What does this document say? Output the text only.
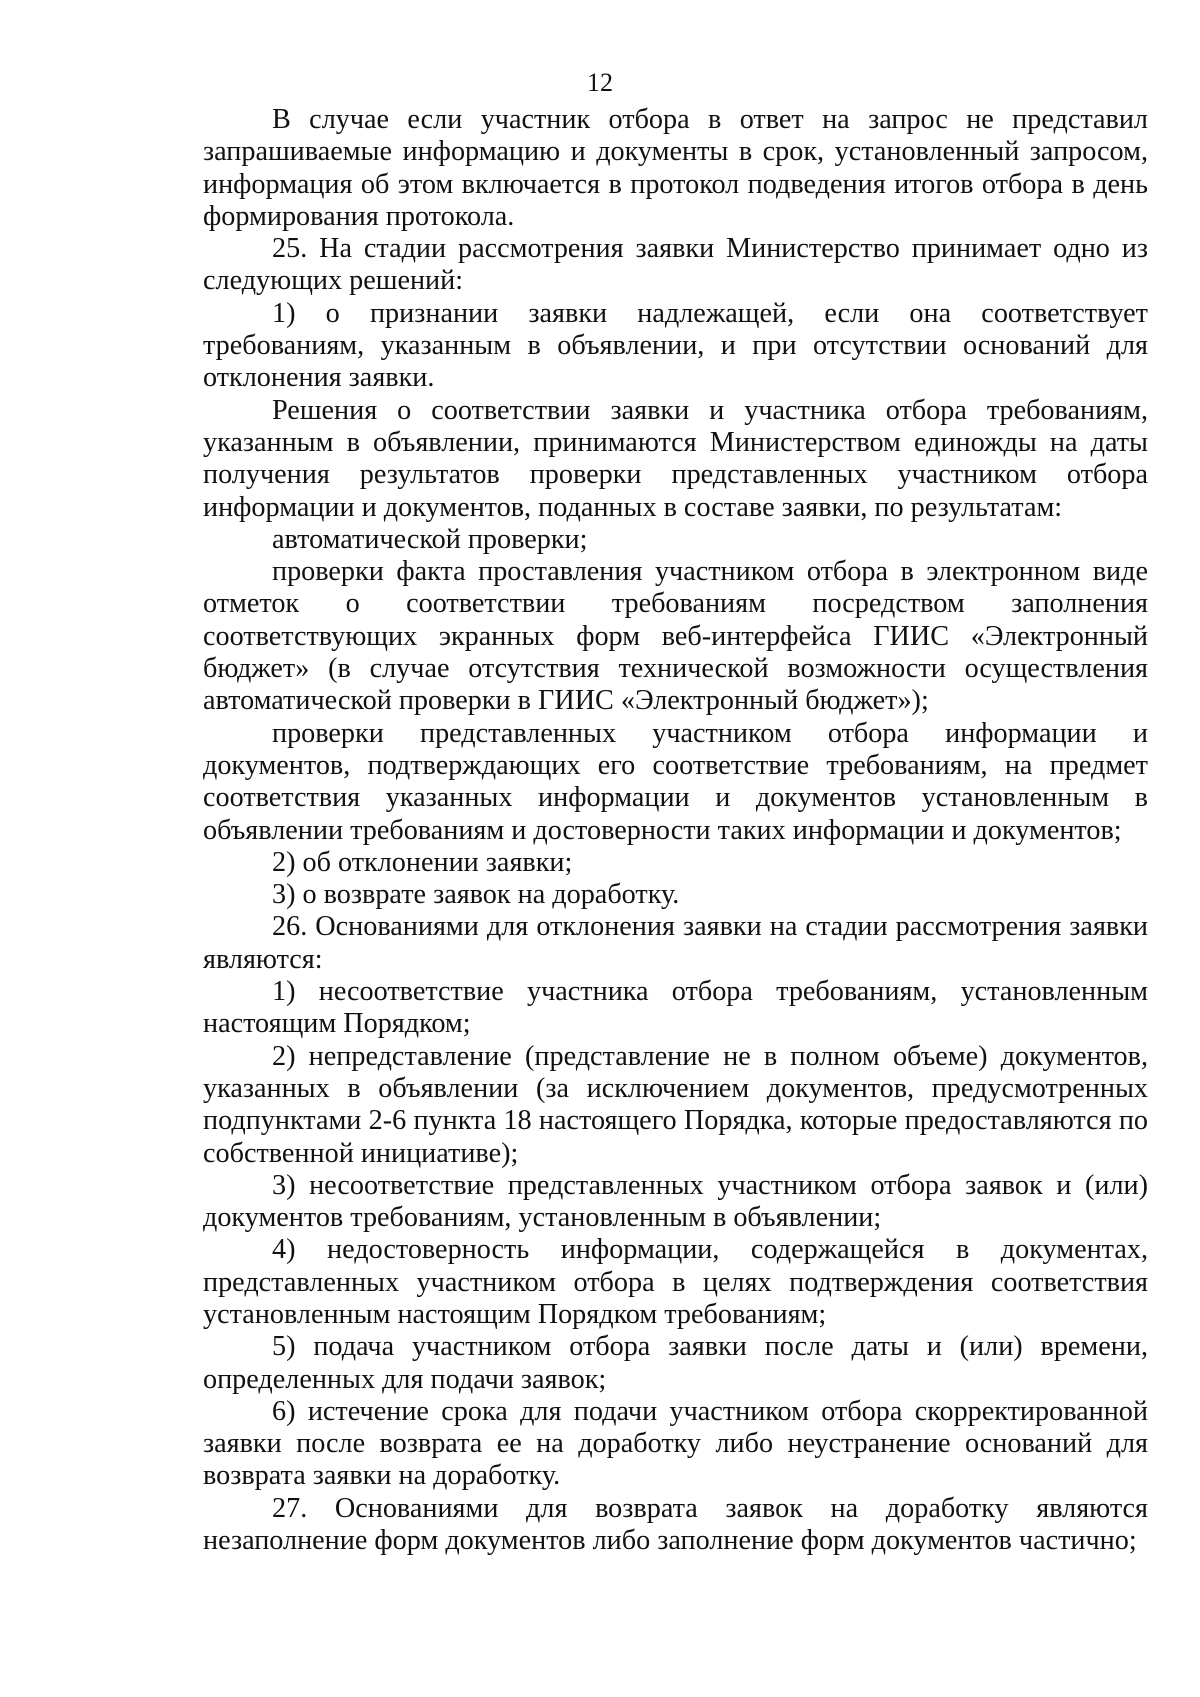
12

В случае если участник отбора в ответ на запрос не представил запрашиваемые информацию и документы в срок, установленный запросом, информация об этом включается в протокол подведения итогов отбора в день формирования протокола.

25. На стадии рассмотрения заявки Министерство принимает одно из следующих решений:

1) о признании заявки надлежащей, если она соответствует требованиям, указанным в объявлении, и при отсутствии оснований для отклонения заявки.

Решения о соответствии заявки и участника отбора требованиям, указанным в объявлении, принимаются Министерством единожды на даты получения результатов проверки представленных участником отбора информации и документов, поданных в составе заявки, по результатам:

автоматической проверки;

проверки факта проставления участником отбора в электронном виде отметок о соответствии требованиям посредством заполнения соответствующих экранных форм веб-интерфейса ГИИС «Электронный бюджет» (в случае отсутствия технической возможности осуществления автоматической проверки в ГИИС «Электронный бюджет»);

проверки представленных участником отбора информации и документов, подтверждающих его соответствие требованиям, на предмет соответствия указанных информации и документов установленным в объявлении требованиям и достоверности таких информации и документов;

2) об отклонении заявки;

3) о возврате заявок на доработку.

26. Основаниями для отклонения заявки на стадии рассмотрения заявки являются:

1) несоответствие участника отбора требованиям, установленным настоящим Порядком;

2) непредставление (представление не в полном объеме) документов, указанных в объявлении (за исключением документов, предусмотренных подпунктами 2-6 пункта 18 настоящего Порядка, которые предоставляются по собственной инициативе);

3) несоответствие представленных участником отбора заявок и (или) документов требованиям, установленным в объявлении;

4) недостоверность информации, содержащейся в документах, представленных участником отбора в целях подтверждения соответствия установленным настоящим Порядком требованиям;

5) подача участником отбора заявки после даты и (или) времени, определенных для подачи заявок;

6) истечение срока для подачи участником отбора скорректированной заявки после возврата ее на доработку либо неустранение оснований для возврата заявки на доработку.

27. Основаниями для возврата заявок на доработку являются незаполнение форм документов либо заполнение форм документов частично;
